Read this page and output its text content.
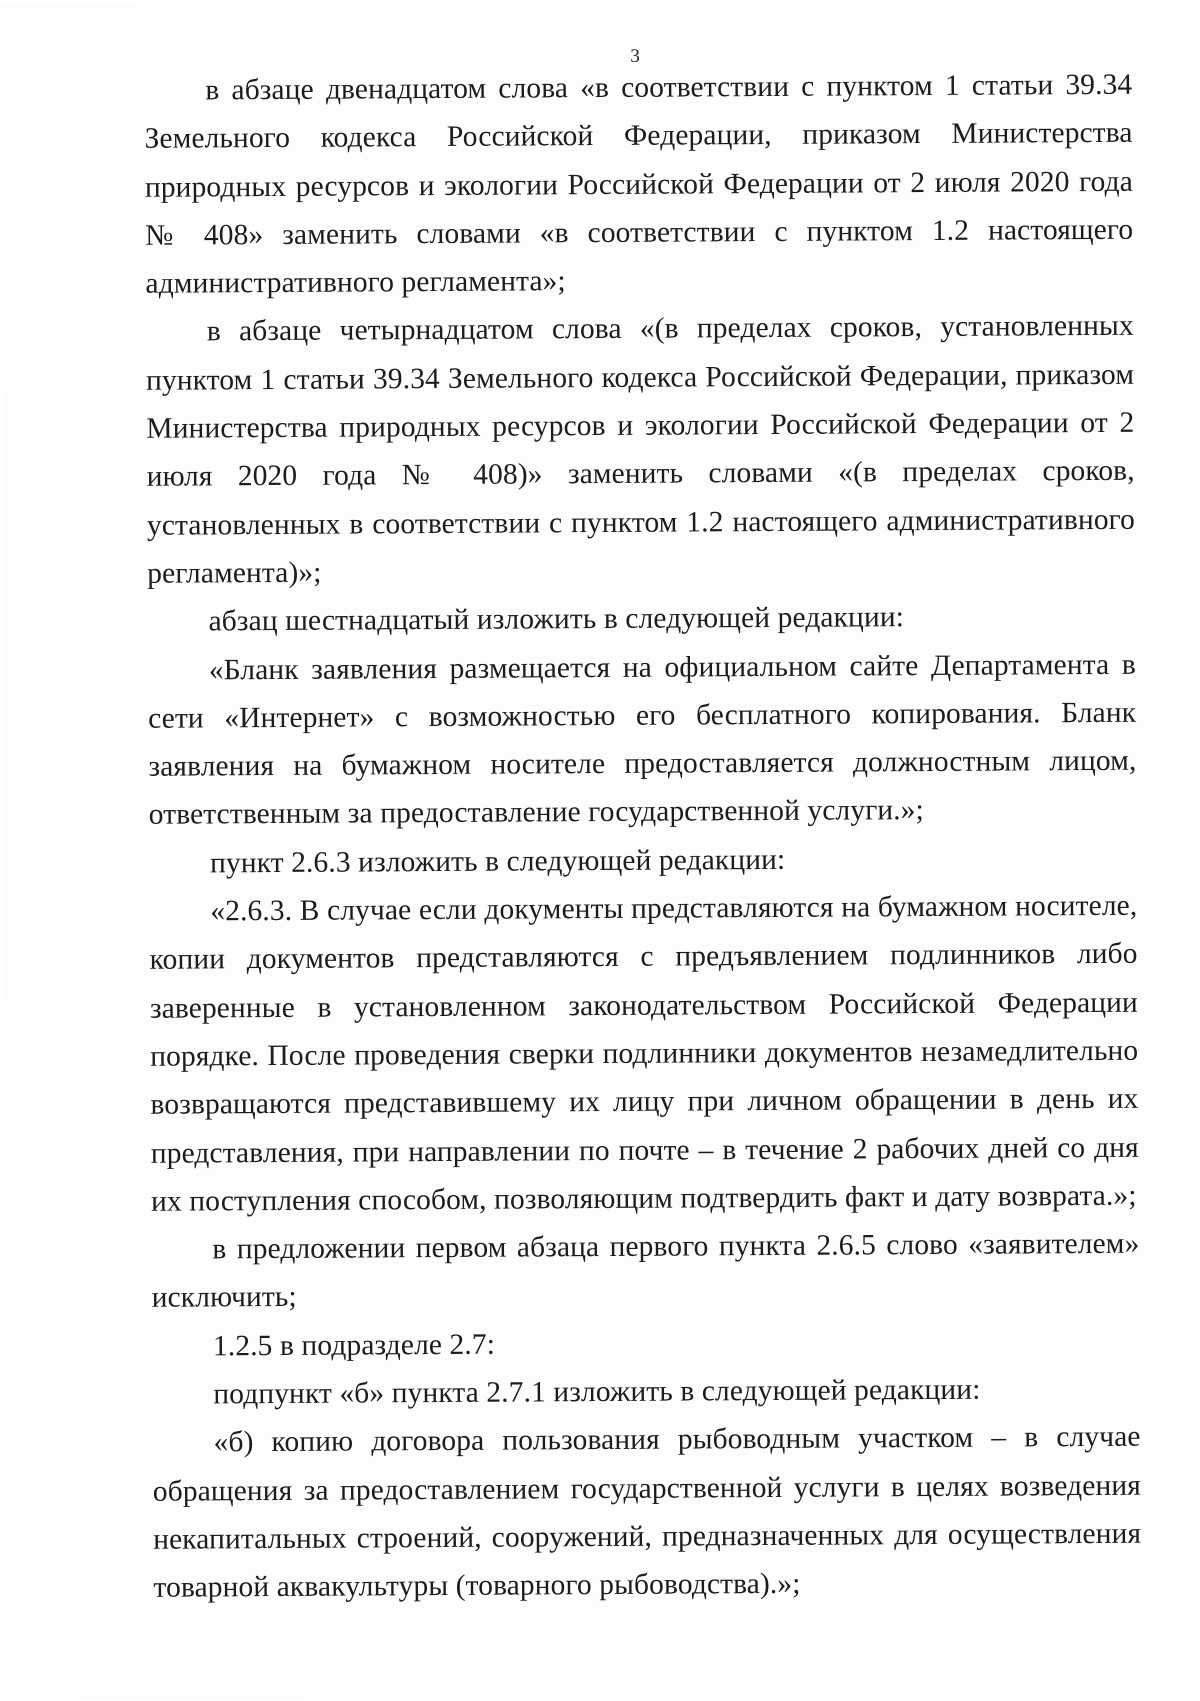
3

в абзаце двенадцатом слова «в соответствии с пунктом 1 статьи 39.34 Земельного кодекса Российской Федерации, приказом Министерства природных ресурсов и экологии Российской Федерации от 2 июля 2020 года № 408» заменить словами «в соответствии с пунктом 1.2 настоящего административного регламента»;

в абзаце четырнадцатом слова «(в пределах сроков, установленных пунктом 1 статьи 39.34 Земельного кодекса Российской Федерации, приказом Министерства природных ресурсов и экологии Российской Федерации от 2 июля 2020 года № 408)» заменить словами «(в пределах сроков, установленных в соответствии с пунктом 1.2 настоящего административного регламента)»;

абзац шестнадцатый изложить в следующей редакции:

«Бланк заявления размещается на официальном сайте Департамента в сети «Интернет» с возможностью его бесплатного копирования. Бланк заявления на бумажном носителе предоставляется должностным лицом, ответственным за предоставление государственной услуги.»;

пункт 2.6.3 изложить в следующей редакции:

«2.6.3. В случае если документы представляются на бумажном носителе, копии документов представляются с предъявлением подлинников либо заверенные в установленном законодательством Российской Федерации порядке. После проведения сверки подлинники документов незамедлительно возвращаются представившему их лицу при личном обращении в день их представления, при направлении по почте – в течение 2 рабочих дней со дня их поступления способом, позволяющим подтвердить факт и дату возврата.»;

в предложении первом абзаца первого пункта 2.6.5 слово «заявителем» исключить;

1.2.5 в подразделе 2.7:

подпункт «б» пункта 2.7.1 изложить в следующей редакции:

«б) копию договора пользования рыбоводным участком – в случае обращения за предоставлением государственной услуги в целях возведения некапитальных строений, сооружений, предназначенных для осуществления товарной аквакультуры (товарного рыбоводства).»;
